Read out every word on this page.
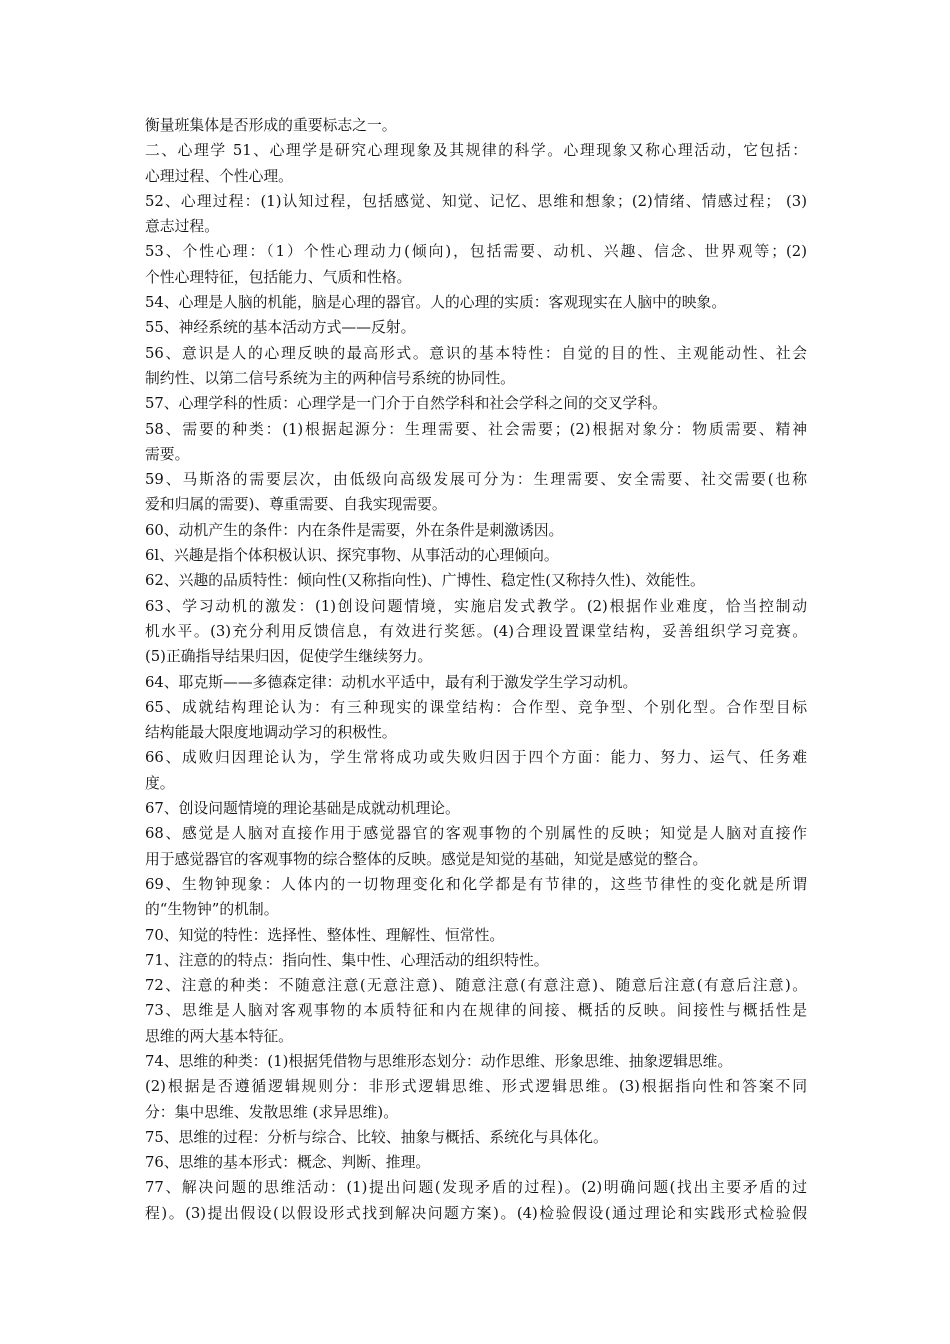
衡量班集体是否形成的重要标志之一。
二、心理学 51、心理学是研究心理现象及其规律的科学。心理现象又称心理活动，它包括：
心理过程、个性心理。
52、心理过程：(1)认知过程，包括感觉、知觉、记忆、思维和想象；(2)情绪、情感过程； (3)
意志过程。
53、个性心理：（1）个性心理动力(倾向)，包括需要、动机、兴趣、信念、世界观等；(2)
个性心理特征，包括能力、气质和性格。
54、心理是人脑的机能，脑是心理的器官。人的心理的实质：客观现实在人脑中的映象。
55、神经系统的基本活动方式——反射。
56、意识是人的心理反映的最高形式。意识的基本特性：自觉的目的性、主观能动性、社会
制约性、以第二信号系统为主的两种信号系统的协同性。
57、心理学科的性质：心理学是一门介于自然学科和社会学科之间的交叉学科。
58、需要的种类：(1)根据起源分：生理需要、社会需要；(2)根据对象分：物质需要、精神
需要。
59、马斯洛的需要层次，由低级向高级发展可分为：生理需要、安全需要、社交需要(也称
爱和归属的需要)、尊重需要、自我实现需要。
60、动机产生的条件：内在条件是需要，外在条件是刺激诱因。
6l、兴趣是指个体积极认识、探究事物、从事活动的心理倾向。
62、兴趣的品质特性：倾向性(又称指向性)、广博性、稳定性(又称持久性)、效能性。
63、学习动机的激发：(1)创设问题情境，实施启发式教学。(2)根据作业难度，恰当控制动
机水平。(3)充分利用反馈信息，有效进行奖惩。(4)合理设置课堂结构，妥善组织学习竞赛。
(5)正确指导结果归因，促使学生继续努力。
64、耶克斯——多德森定律：动机水平适中，最有利于激发学生学习动机。
65、成就结构理论认为：有三种现实的课堂结构：合作型、竞争型、个别化型。合作型目标
结构能最大限度地调动学习的积极性。
66、成败归因理论认为，学生常将成功或失败归因于四个方面：能力、努力、运气、任务难
度。
67、创设问题情境的理论基础是成就动机理论。
68、感觉是人脑对直接作用于感觉器官的客观事物的个别属性的反映；知觉是人脑对直接作
用于感觉器官的客观事物的综合整体的反映。感觉是知觉的基础，知觉是感觉的整合。
69、生物钟现象：人体内的一切物理变化和化学都是有节律的，这些节律性的变化就是所谓
的“生物钟”的机制。
70、知觉的特性：选择性、整体性、理解性、恒常性。
71、注意的的特点：指向性、集中性、心理活动的组织特性。
72、注意的种类：不随意注意(无意注意)、随意注意(有意注意)、随意后注意(有意后注意)。
73、思维是人脑对客观事物的本质特征和内在规律的间接、概括的反映。间接性与概括性是
思维的两大基本特征。
74、思维的种类：(1)根据凭借物与思维形态划分：动作思维、形象思维、抽象逻辑思维。
(2)根据是否遵循逻辑规则分：非形式逻辑思维、形式逻辑思维。(3)根据指向性和答案不同
分：集中思维、发散思维 (求异思维)。
75、思维的过程：分析与综合、比较、抽象与概括、系统化与具体化。
76、思维的基本形式：概念、判断、推理。
77、解决问题的思维活动：(1)提出问题(发现矛盾的过程)。(2)明确问题(找出主要矛盾的过
程)。(3)提出假设(以假设形式找到解决问题方案)。(4)检验假设(通过理论和实践形式检验假
